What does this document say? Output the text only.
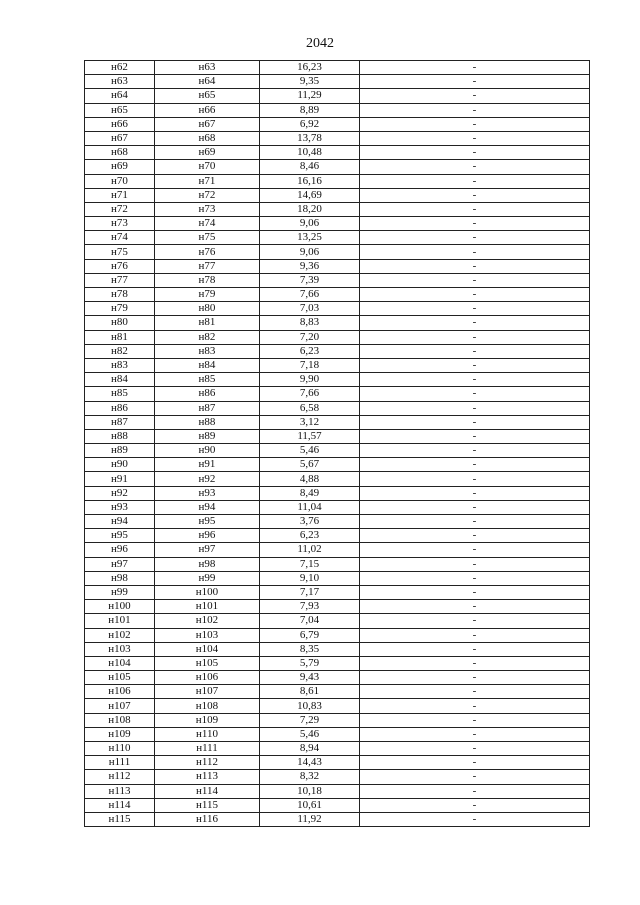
2042
н62	н63	16,23	-
н63	н64	9,35	-
н64	н65	11,29	-
н65	н66	8,89	-
н66	н67	6,92	-
н67	н68	13,78	-
н68	н69	10,48	-
н69	н70	8,46	-
н70	н71	16,16	-
н71	н72	14,69	-
н72	н73	18,20	-
н73	н74	9,06	-
н74	н75	13,25	-
н75	н76	9,06	-
н76	н77	9,36	-
н77	н78	7,39	-
н78	н79	7,66	-
н79	н80	7,03	-
н80	н81	8,83	-
н81	н82	7,20	-
н82	н83	6,23	-
н83	н84	7,18	-
н84	н85	9,90	-
н85	н86	7,66	-
н86	н87	6,58	-
н87	н88	3,12	-
н88	н89	11,57	-
н89	н90	5,46	-
н90	н91	5,67	-
н91	н92	4,88	-
н92	н93	8,49	-
н93	н94	11,04	-
н94	н95	3,76	-
н95	н96	6,23	-
н96	н97	11,02	-
н97	н98	7,15	-
н98	н99	9,10	-
н99	н100	7,17	-
н100	н101	7,93	-
н101	н102	7,04	-
н102	н103	6,79	-
н103	н104	8,35	-
н104	н105	5,79	-
н105	н106	9,43	-
н106	н107	8,61	-
н107	н108	10,83	-
н108	н109	7,29	-
н109	н110	5,46	-
н110	н111	8,94	-
н111	н112	14,43	-
н112	н113	8,32	-
н113	н114	10,18	-
н114	н115	10,61	-
н115	н116	11,92	-
